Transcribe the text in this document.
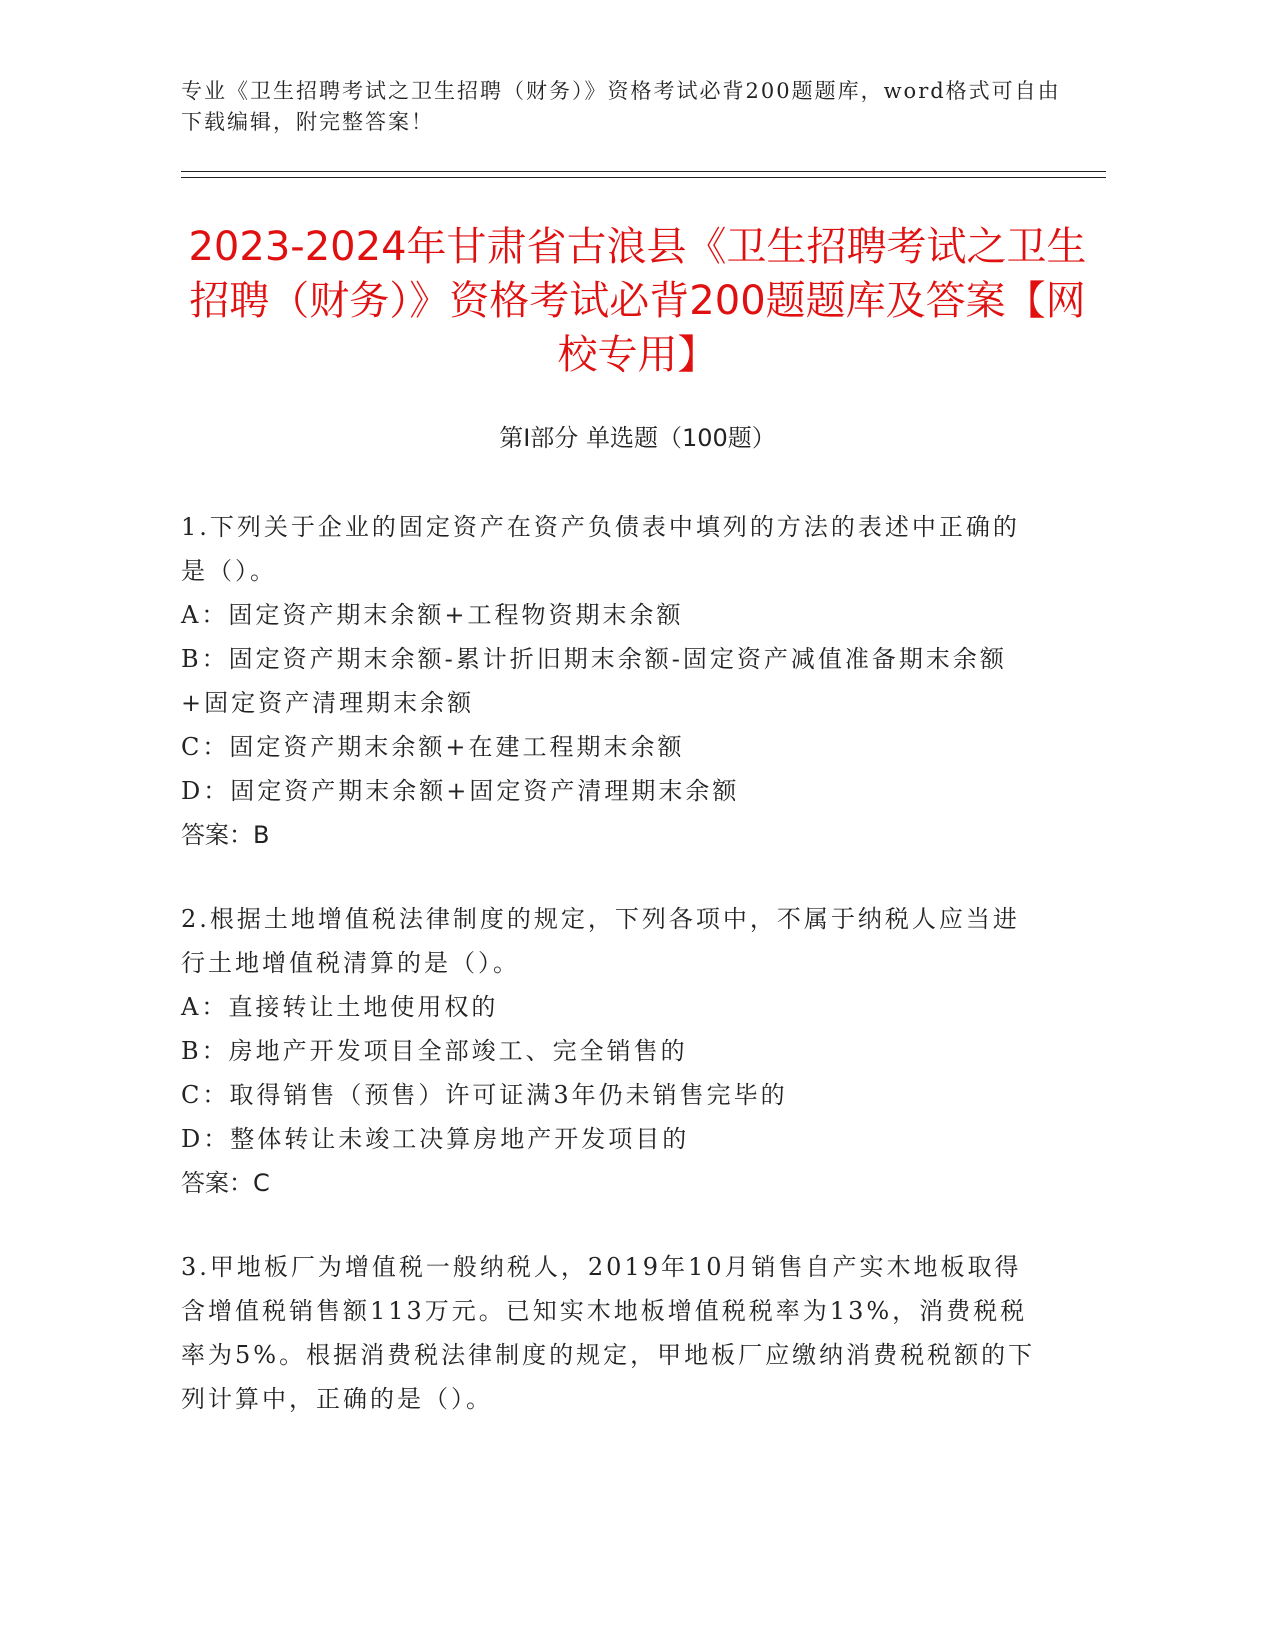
专业《卫生招聘考试之卫生招聘（财务）》资格考试必背200题题库，word格式可自由下载编辑，附完整答案！
2023-2024年甘肃省古浪县《卫生招聘考试之卫生招聘（财务）》资格考试必背200题题库及答案【网校专用】
第Ⅰ部分 单选题（100题）

1.下列关于企业的固定资产在资产负债表中填列的方法的表述中正确的是（）。

A：固定资产期末余额+工程物资期末余额

B：固定资产期末余额-累计折旧期末余额-固定资产减值准备期末余额+固定资产清理期末余额

C：固定资产期末余额+在建工程期末余额

D：固定资产期末余额+固定资产清理期末余额

答案：B

2.根据土地增值税法律制度的规定，下列各项中，不属于纳税人应当进行土地增值税清算的是（）。

A：直接转让土地使用权的

B：房地产开发项目全部竣工、完全销售的

C：取得销售（预售）许可证满3年仍未销售完毕的

D：整体转让未竣工决算房地产开发项目的

答案：C

3.甲地板厂为增值税一般纳税人，2019年10月销售自产实木地板取得含增值税销售额113万元。已知实木地板增值税税率为13%，消费税税率为5%。根据消费税法律制度的规定，甲地板厂应缴纳消费税税额的下列计算中，正确的是（）。
